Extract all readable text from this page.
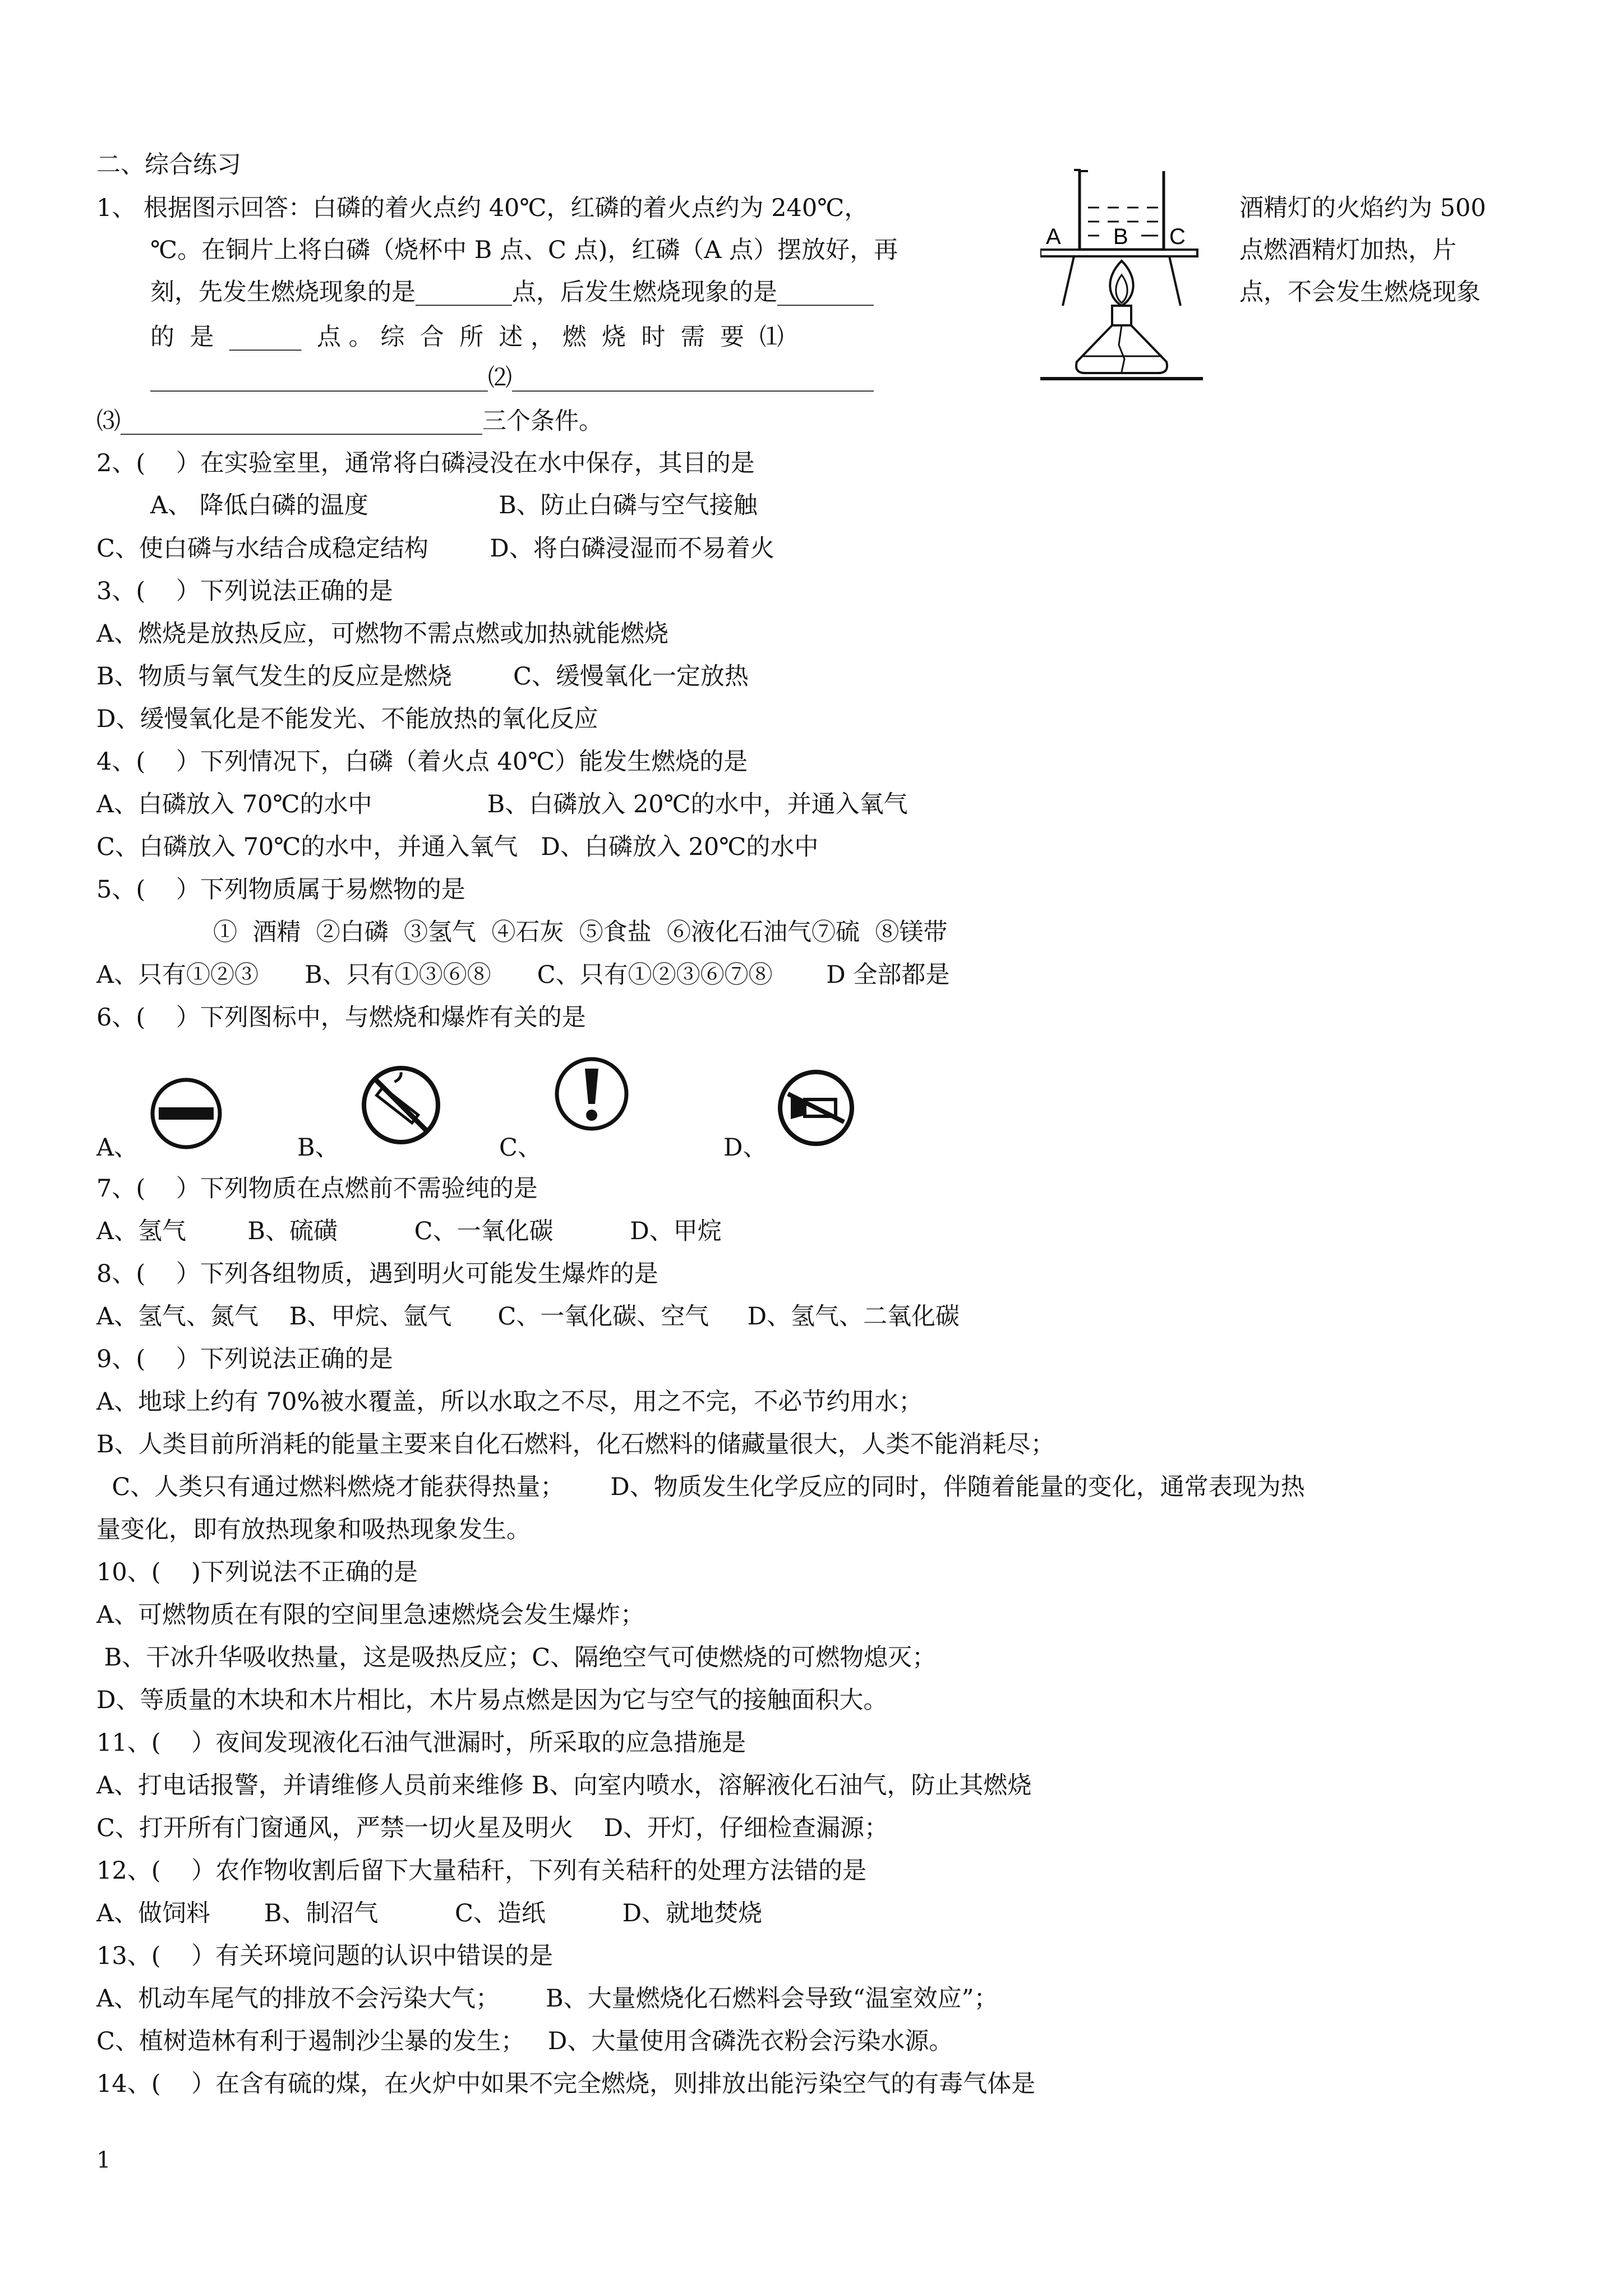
二、综合练习
1、 根据图示回答：白磷的着火点约 40℃，红磷的着火点约为 240℃，	酒精灯的火焰约为 500
℃。在铜片上将白磷（烧杯中 B 点、C 点)，红磷（A 点）摆放好，再	点燃酒精灯加热，片
刻，先发生燃烧现象的是________点，后发生燃烧现象的是________	点，不会发生燃烧现象
的  是  ______  点 。 综  合  所  述 ， 燃  烧  时  需  要  ⑴
____________________________⑵______________________________
⑶______________________________三个条件。
A B C
2、(    ）在实验室里，通常将白磷浸没在水中保存，其目的是
A、 降低白磷的温度                 B、防止白磷与空气接触
C、使白磷与水结合成稳定结构        D、将白磷浸湿而不易着火
3、(    ）下列说法正确的是
A、燃烧是放热反应，可燃物不需点燃或加热就能燃烧
B、物质与氧气发生的反应是燃烧        C、缓慢氧化一定放热
D、缓慢氧化是不能发光、不能放热的氧化反应
4、(    ）下列情况下，白磷（着火点 40℃）能发生燃烧的是
A、白磷放入 70℃的水中               B、白磷放入 20℃的水中，并通入氧气
C、白磷放入 70℃的水中，并通入氧气   D、白磷放入 20℃的水中
5、(    ）下列物质属于易燃物的是
①  酒精  ②白磷  ③氢气  ④石灰  ⑤食盐  ⑥液化石油气⑦硫  ⑧镁带
A、只有①②③      B、只有①③⑥⑧      C、只有①②③⑥⑦⑧       D 全部都是
6、(    ）下列图标中，与燃烧和爆炸有关的是
A、	B、	C、	D、
7、(    ）下列物质在点燃前不需验纯的是
A、氢气        B、硫磺          C、一氧化碳          D、甲烷
8、(    ）下列各组物质，遇到明火可能发生爆炸的是
A、氢气、氮气    B、甲烷、氩气      C、一氧化碳、空气     D、氢气、二氧化碳
9、(    ）下列说法正确的是
A、地球上约有 70%被水覆盖，所以水取之不尽，用之不完，不必节约用水；
B、人类目前所消耗的能量主要来自化石燃料，化石燃料的储藏量很大，人类不能消耗尽；
C、人类只有通过燃料燃烧才能获得热量；      D、物质发生化学反应的同时，伴随着能量的变化，通常表现为热
量变化，即有放热现象和吸热现象发生。
10、(    )下列说法不正确的是
A、可燃物质在有限的空间里急速燃烧会发生爆炸；
B、干冰升华吸收热量，这是吸热反应；C、隔绝空气可使燃烧的可燃物熄灭；
D、等质量的木块和木片相比，木片易点燃是因为它与空气的接触面积大。
11、(    ）夜间发现液化石油气泄漏时，所采取的应急措施是
A、打电话报警，并请维修人员前来维修 B、向室内喷水，溶解液化石油气，防止其燃烧
C、打开所有门窗通风，严禁一切火星及明火    D、开灯，仔细检查漏源；
12、(    ）农作物收割后留下大量秸秆，下列有关秸秆的处理方法错的是
A、做饲料       B、制沼气          C、造纸          D、就地焚烧
13、(    ）有关环境问题的认识中错误的是
A、机动车尾气的排放不会污染大气；      B、大量燃烧化石燃料会导致“温室效应”；
C、植树造林有利于遏制沙尘暴的发生；   D、大量使用含磷洗衣粉会污染水源。
14、(    ）在含有硫的煤，在火炉中如果不完全燃烧，则排放出能污染空气的有毒气体是
1
